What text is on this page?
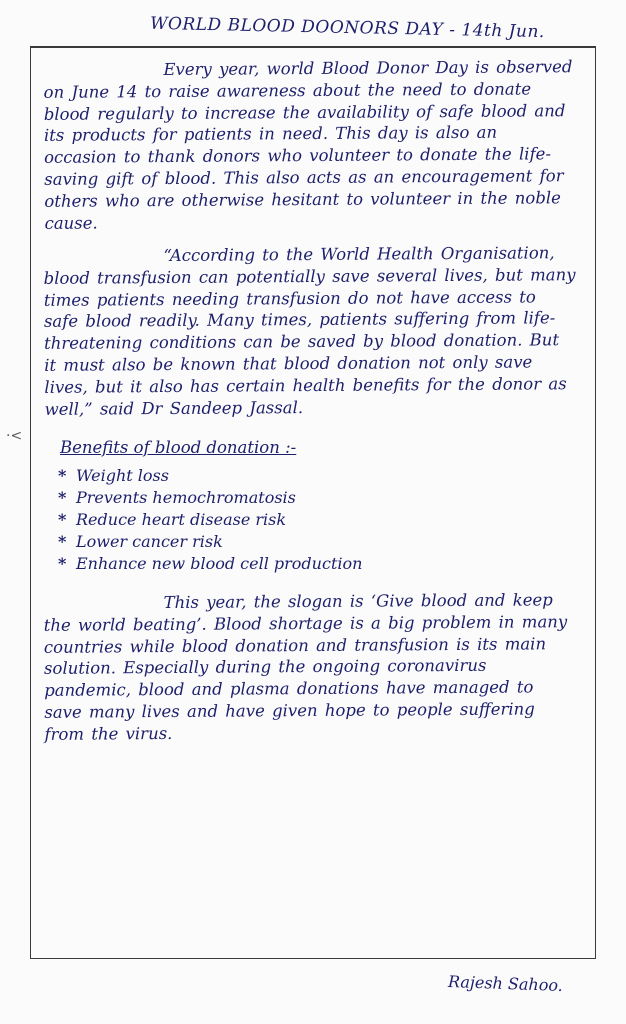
WORLD BLOOD DOONORS DAY - 14th Jun.
·<

Every year, world Blood Donor Day is observed on June 14 to raise awareness about the need to donate blood regularly to increase the availability of safe blood and its products for patients in need. This day is also an occasion to thank donors who volunteer to donate the life-saving gift of blood. This also acts as an encouragement for others who are otherwise hesitant to volunteer in the noble cause.

“According to the World Health Organisation, blood transfusion can potentially save several lives, but many times patients needing transfusion do not have access to safe blood readily. Many times, patients suffering from life-threatening conditions can be saved by blood donation. But it must also be known that blood donation not only save lives, but it also has certain health benefits for the donor as well,” said Dr Sandeep Jassal.

Benefits of blood donation :-
* Weight loss
* Prevents hemochromatosis
* Reduce heart disease risk
* Lower cancer risk
* Enhance new blood cell production

This year, the slogan is ‘Give blood and keep the world beating’. Blood shortage is a big problem in many countries while blood donation and transfusion is its main solution. Especially during the ongoing coronavirus pandemic, blood and plasma donations have managed to save many lives and have given hope to people suffering from the virus.

Rajesh Sahoo.
